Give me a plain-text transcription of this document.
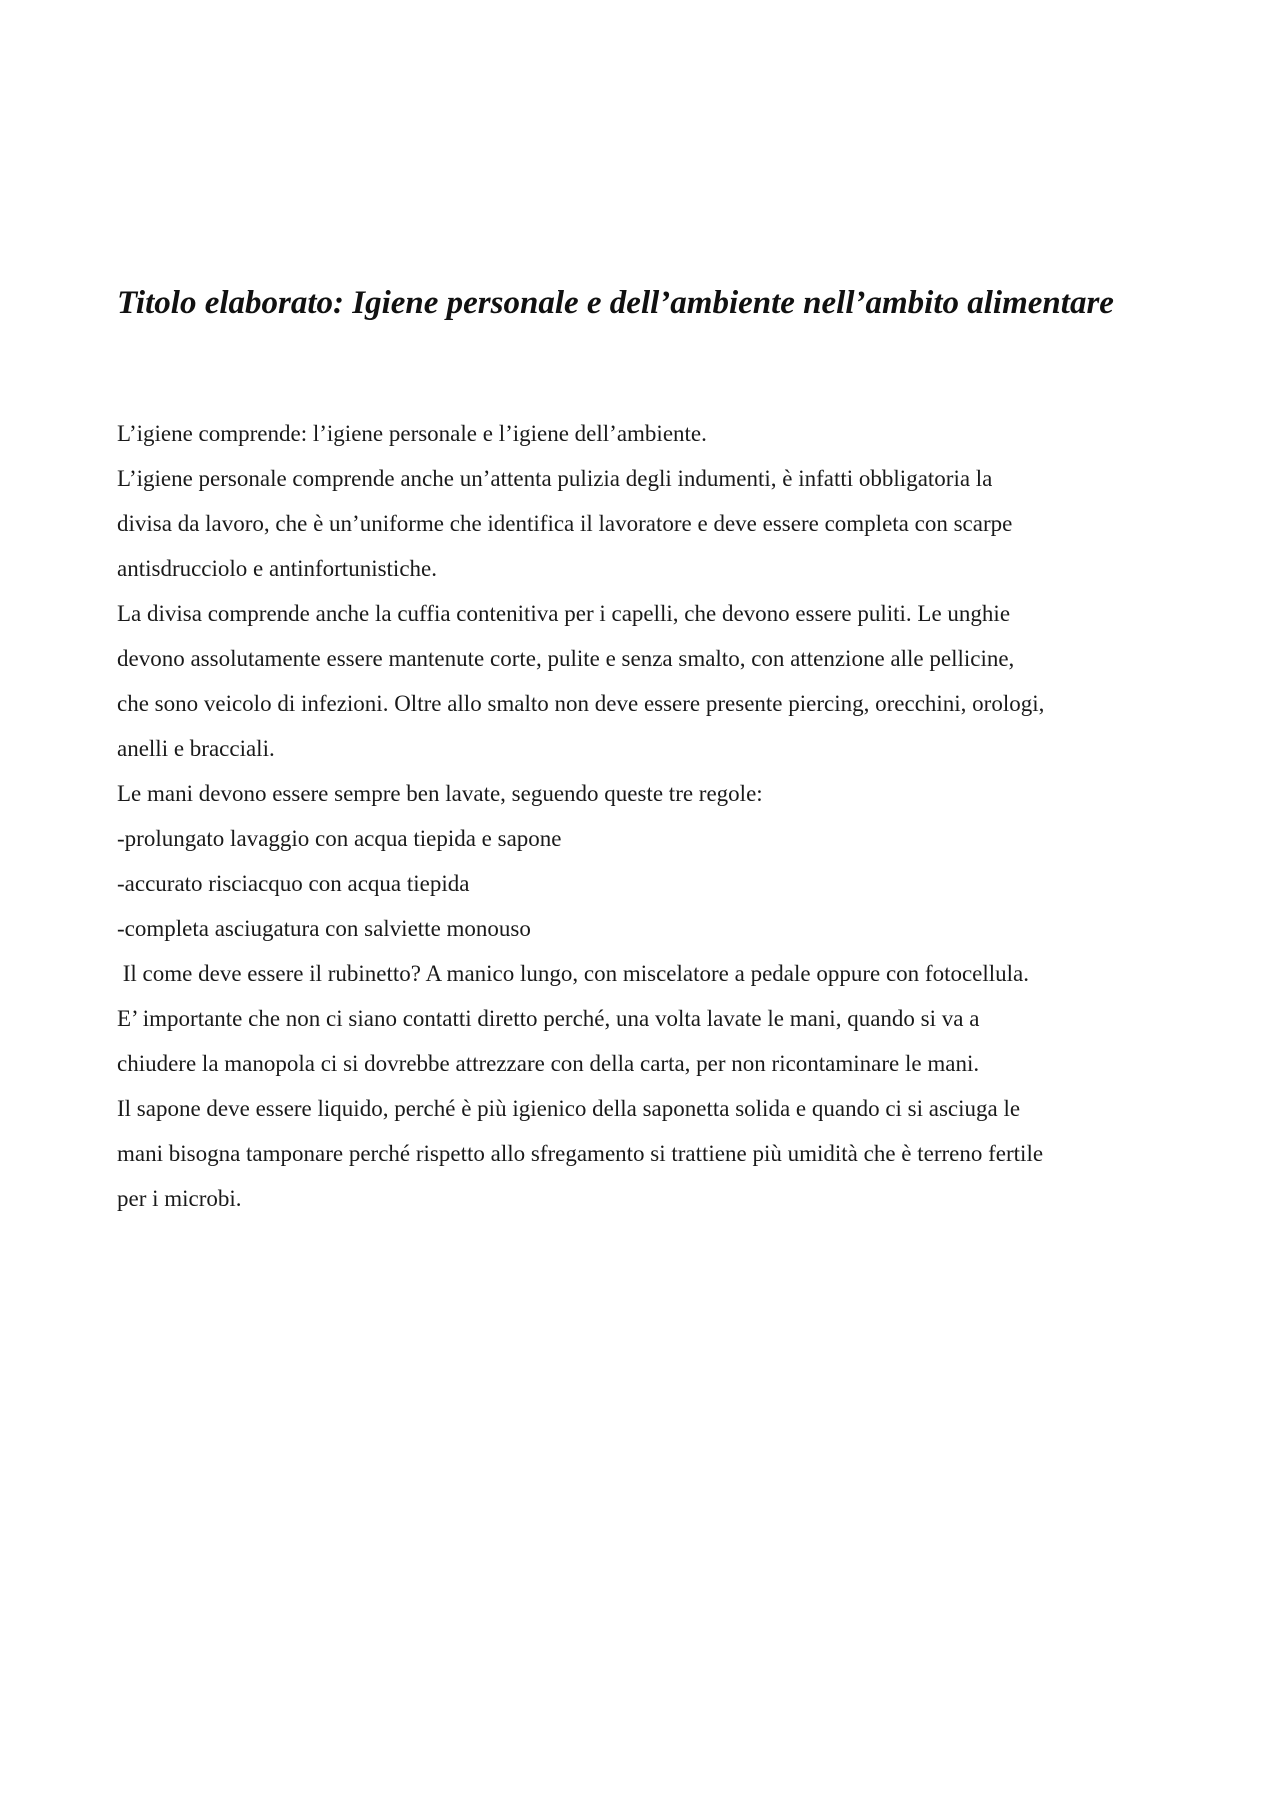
Titolo elaborato: Igiene personale e dell’ambiente nell’ambito alimentare
L’igiene comprende: l’igiene personale e l’igiene dell’ambiente.
L’igiene personale comprende anche un’attenta pulizia degli indumenti, è infatti obbligatoria la
divisa da lavoro, che è un’uniforme che identifica il lavoratore e deve essere completa con scarpe
antisdrucciolo e antinfortunistiche.
La divisa comprende anche la cuffia contenitiva per i capelli, che devono essere puliti. Le unghie
devono assolutamente essere mantenute corte, pulite e senza smalto, con attenzione alle pellicine,
che sono veicolo di infezioni. Oltre allo smalto non deve essere presente piercing, orecchini, orologi,
anelli e bracciali.
Le mani devono essere sempre ben lavate, seguendo queste tre regole:
-prolungato lavaggio con acqua tiepida e sapone
-accurato risciacquo con acqua tiepida
-completa asciugatura con salviette monouso
Il come deve essere il rubinetto? A manico lungo, con miscelatore a pedale oppure con fotocellula.
E’ importante che non ci siano contatti diretto perché, una volta lavate le mani, quando si va a
chiudere la manopola ci si dovrebbe attrezzare con della carta, per non ricontaminare le mani.
Il sapone deve essere liquido, perché è più igienico della saponetta solida e quando ci si asciuga le
mani bisogna tamponare perché rispetto allo sfregamento si trattiene più umidità che è terreno fertile
per i microbi.
